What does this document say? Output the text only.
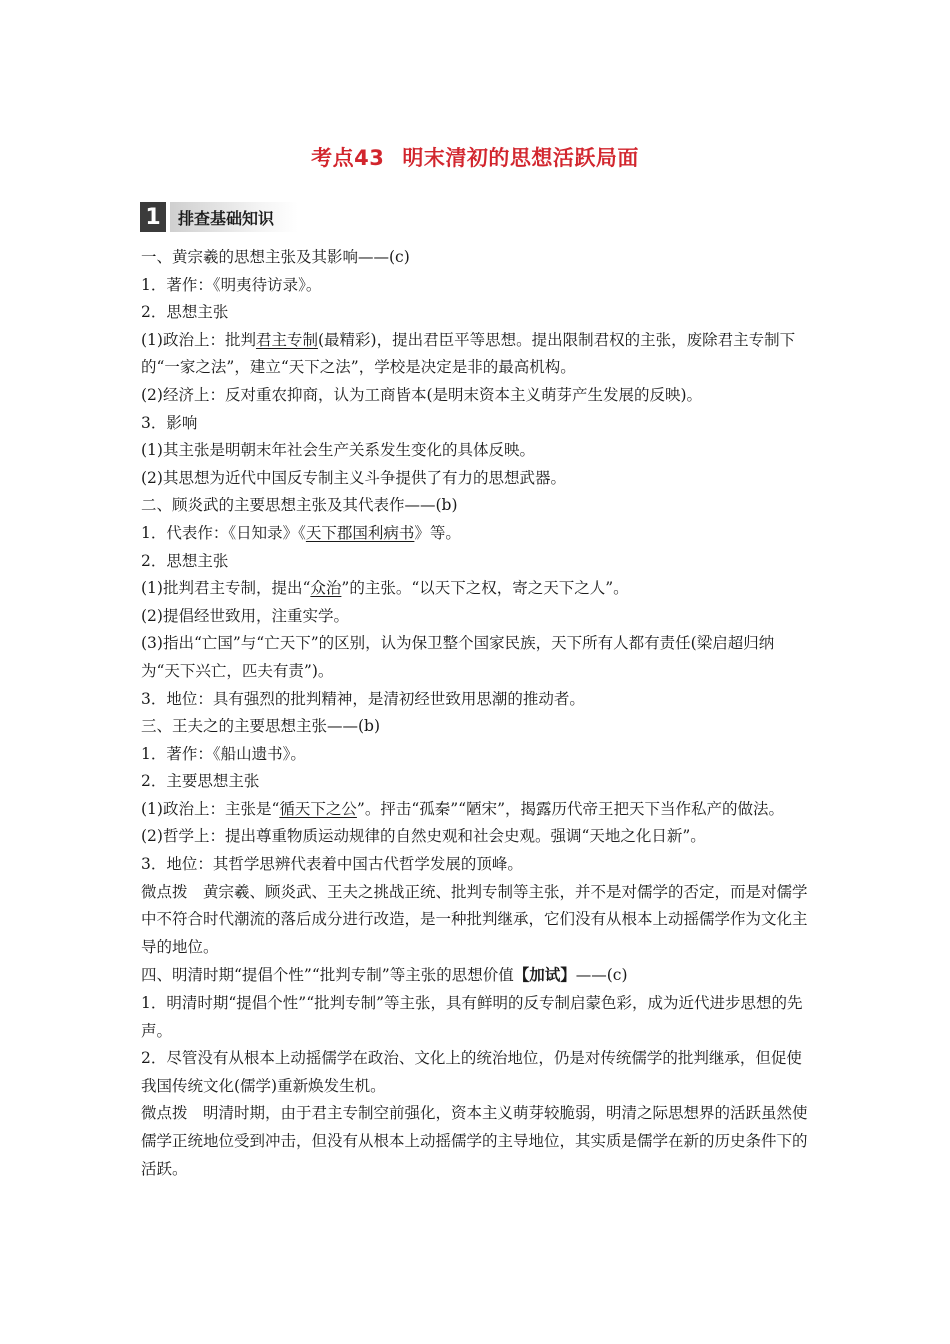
考点43 明末清初的思想活跃局面
1	排查基础知识

一、黄宗羲的思想主张及其影响——(c)

1．著作：《明夷待访录》。

2．思想主张

(1)政治上：批判君主专制(最精彩)，提出君臣平等思想。提出限制君权的主张，废除君主专制下的“一家之法”，建立“天下之法”，学校是决定是非的最高机构。

(2)经济上：反对重农抑商，认为工商皆本(是明末资本主义萌芽产生发展的反映)。

3．影响

(1)其主张是明朝末年社会生产关系发生变化的具体反映。

(2)其思想为近代中国反专制主义斗争提供了有力的思想武器。

二、顾炎武的主要思想主张及其代表作——(b)

1．代表作：《日知录》《天下郡国利病书》等。

2．思想主张

(1)批判君主专制，提出“众治”的主张。“以天下之权，寄之天下之人”。

(2)提倡经世致用，注重实学。

(3)指出“亡国”与“亡天下”的区别，认为保卫整个国家民族，天下所有人都有责任(梁启超归纳为“天下兴亡，匹夫有责”)。

3．地位：具有强烈的批判精神，是清初经世致用思潮的推动者。

三、王夫之的主要思想主张——(b)

1．著作：《船山遗书》。

2．主要思想主张

(1)政治上：主张是“循天下之公”。抨击“孤秦”“陋宋”，揭露历代帝王把天下当作私产的做法。

(2)哲学上：提出尊重物质运动规律的自然史观和社会史观。强调“天地之化日新”。

3．地位：其哲学思辨代表着中国古代哲学发展的顶峰。

微点拨　黄宗羲、顾炎武、王夫之挑战正统、批判专制等主张，并不是对儒学的否定，而是对儒学中不符合时代潮流的落后成分进行改造，是一种批判继承，它们没有从根本上动摇儒学作为文化主导的地位。

四、明清时期“提倡个性”“批判专制”等主张的思想价值【加试】——(c)

1．明清时期“提倡个性”“批判专制”等主张，具有鲜明的反专制启蒙色彩，成为近代进步思想的先声。

2．尽管没有从根本上动摇儒学在政治、文化上的统治地位，仍是对传统儒学的批判继承，但促使我国传统文化(儒学)重新焕发生机。

微点拨　明清时期，由于君主专制空前强化，资本主义萌芽较脆弱，明清之际思想界的活跃虽然使儒学正统地位受到冲击，但没有从根本上动摇儒学的主导地位，其实质是儒学在新的历史条件下的活跃。
